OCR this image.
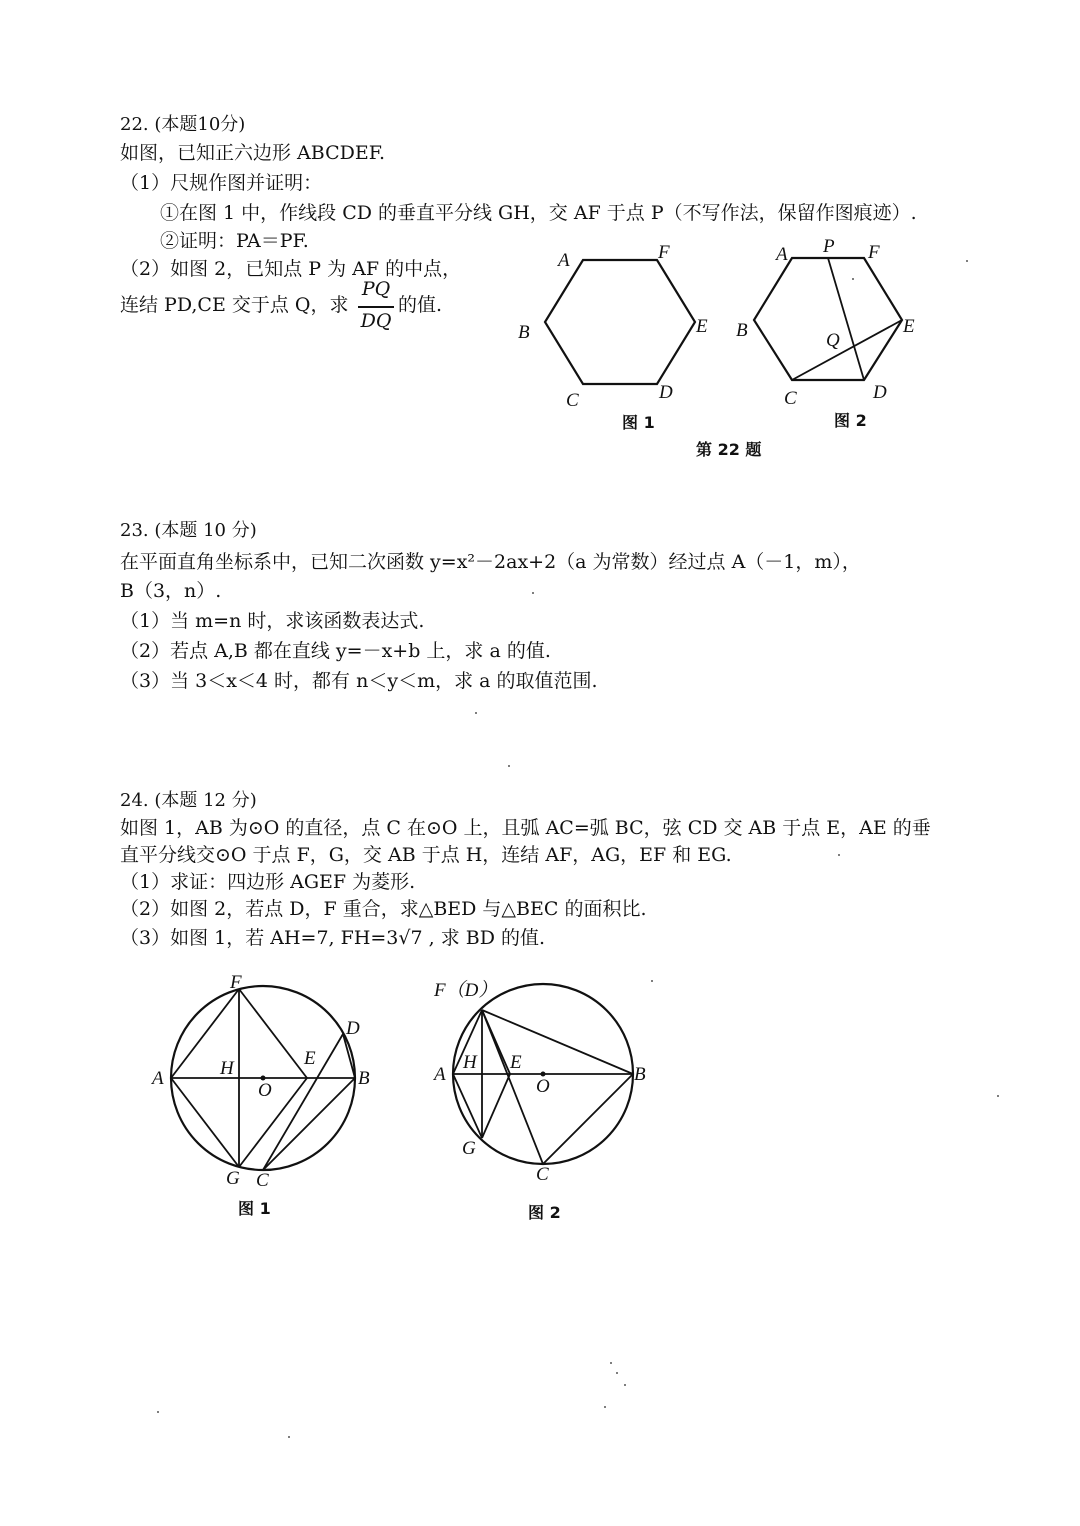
22. (本题10分)
如图，已知正六边形 ABCDEF.
（1）尺规作图并证明：
①在图 1 中，作线段 CD 的垂直平分线 GH，交 AF 于点 P（不写作法，保留作图痕迹）.
②证明：PA＝PF.
（2）如图 2，已知点 P 为 AF 的中点，
连结 PD,CE 交于点 Q，求
PQ
DQ
的值.
A	F
B	E
C	D
图 1
A P F
B	Q
E
C	D
图 2
第 22 题
23. (本题 10 分)
在平面直角坐标系中，已知二次函数 y=x²－2ax+2（a 为常数）经过点 A（－1，m），
B（3，n）.
（1）当 m=n 时，求该函数表达式.
（2）若点 A,B 都在直线 y=－x+b 上，求 a 的值.
（3）当 3＜x＜4 时，都有 n＜y＜m，求 a 的取值范围.
24. (本题 12 分)
如图 1，AB 为⊙O 的直径，点 C 在⊙O 上，且弧 AC=弧 BC，弦 CD 交 AB 于点 E，AE 的垂
直平分线交⊙O 于点 F，G，交 AB 于点 H，连结 AF，AG，EF 和 EG.
（1）求证：四边形 AGEF 为菱形.
（2）如图 2，若点 D，F 重合，求△BED 与△BEC 的面积比.
（3）如图 1，若 AH=7, FH=3√7 , 求 BD 的值.
F
D
A	H
O
E
B
G C
图 1
F（D）
A
H E
O
B
G
C
图 2
